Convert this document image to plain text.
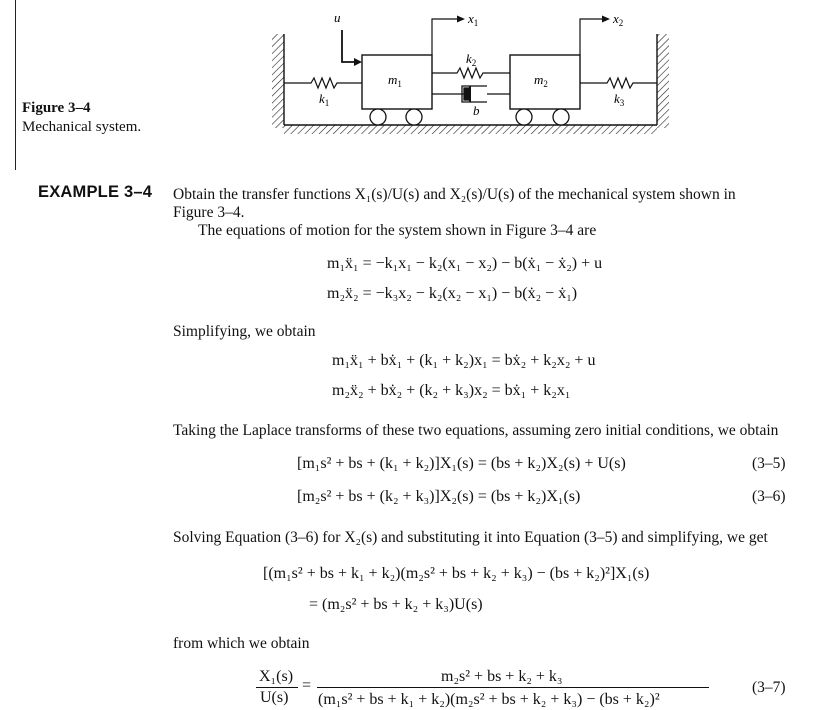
Figure 3–4
Mechanical system.
u	$x_1$	$x_2$
$k_1$
$k_2$
$k_3$
$m_1$	$m_2$
b
EXAMPLE 3–4 Obtain the transfer functions X₁(s)/U(s) and X₂(s)/U(s) of the mechanical system shown in
Figure 3–4.
The equations of motion for the system shown in Figure 3–4 are
m₁ẍ₁ = −k₁x₁ − k₂(x₁ − x₂) − b(ẋ₁ − ẋ₂) + u
m₂ẍ₂ = −k₃x₂ − k₂(x₂ − x₁) − b(ẋ₂ − ẋ₁)
Simplifying, we obtain
m₁ẍ₁ + bẋ₁ + (k₁ + k₂)x₁ = bẋ₂ + k₂x₂ + u
m₂ẍ₂ + bẋ₂ + (k₂ + k₃)x₂ = bẋ₁ + k₂x₁
Taking the Laplace transforms of these two equations, assuming zero initial conditions, we obtain
[m₁s² + bs + (k₁ + k₂)]X₁(s) = (bs + k₂)X₂(s) + U(s)	(3–5)
[m₂s² + bs + (k₂ + k₃)]X₂(s) = (bs + k₂)X₁(s)	(3–6)
Solving Equation (3–6) for X₂(s) and substituting it into Equation (3–5) and simplifying, we get
[(m₁s² + bs + k₁ + k₂)(m₂s² + bs + k₂ + k₃) − (bs + k₂)²]X₁(s)
= (m₂s² + bs + k₂ + k₃)U(s)
from which we obtain
X₁(s)
U(s)
=
m₂s² + bs + k₂ + k₃
(m₁s² + bs + k₁ + k₂)(m₂s² + bs + k₂ + k₃) − (bs + k₂)²
(3–7)
